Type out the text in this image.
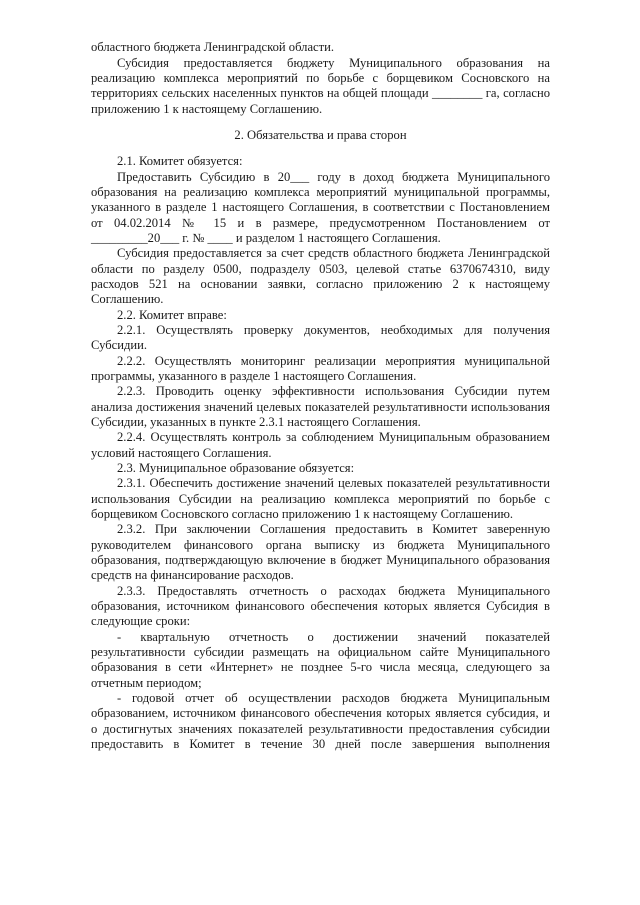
областного бюджета Ленинградской области.
Субсидия предоставляется бюджету Муниципального образования на
реализацию комплекса мероприятий по борьбе с борщевиком Сосновского на
территориях сельских населенных пунктов на общей площади ________ га, согласно
приложению 1 к настоящему Соглашению.
2. Обязательства и права сторон
2.1. Комитет обязуется:
Предоставить Субсидию в 20___ году в доход бюджета Муниципального
образования на реализацию комплекса мероприятий муниципальной программы,
указанного в разделе 1 настоящего Соглашения, в соответствии с Постановлением
от 04.02.2014 № 15 и в размере, предусмотренном Постановлением от
_________20___ г. № ____ и разделом 1 настоящего Соглашения.
Субсидия предоставляется за счет средств областного бюджета Ленинградской
области по разделу 0500, подразделу 0503, целевой статье 6370674310, виду
расходов 521 на основании заявки, согласно приложению 2 к настоящему
Соглашению.
2.2. Комитет вправе:
2.2.1. Осуществлять проверку документов, необходимых для получения
Субсидии.
2.2.2. Осуществлять мониторинг реализации мероприятия муниципальной
программы, указанного в разделе 1 настоящего Соглашения.
2.2.3. Проводить оценку эффективности использования Субсидии путем
анализа достижения значений целевых показателей результативности использования
Субсидии, указанных в пункте 2.3.1 настоящего Соглашения.
2.2.4. Осуществлять контроль за соблюдением Муниципальным образованием
условий настоящего Соглашения.
2.3. Муниципальное образование обязуется:
2.3.1. Обеспечить достижение значений целевых показателей результативности
использования Субсидии на реализацию комплекса мероприятий по борьбе с
борщевиком Сосновского согласно приложению 1 к настоящему Соглашению.
2.3.2. При заключении Соглашения предоставить в Комитет заверенную
руководителем финансового органа выписку из бюджета Муниципального
образования, подтверждающую включение в бюджет Муниципального образования
средств на финансирование расходов.
2.3.3. Предоставлять отчетность о расходах бюджета Муниципального
образования, источником финансового обеспечения которых является Субсидия в
следующие сроки:
- квартальную отчетность о достижении значений показателей
результативности субсидии размещать на официальном сайте Муниципального
образования в сети «Интернет» не позднее 5-го числа месяца, следующего за
отчетным периодом;
- годовой отчет об осуществлении расходов бюджета Муниципальным
образованием, источником финансового обеспечения которых является субсидия, и
о достигнутых значениях показателей результативности предоставления субсидии
предоставить в Комитет в течение 30 дней после завершения выполнения
